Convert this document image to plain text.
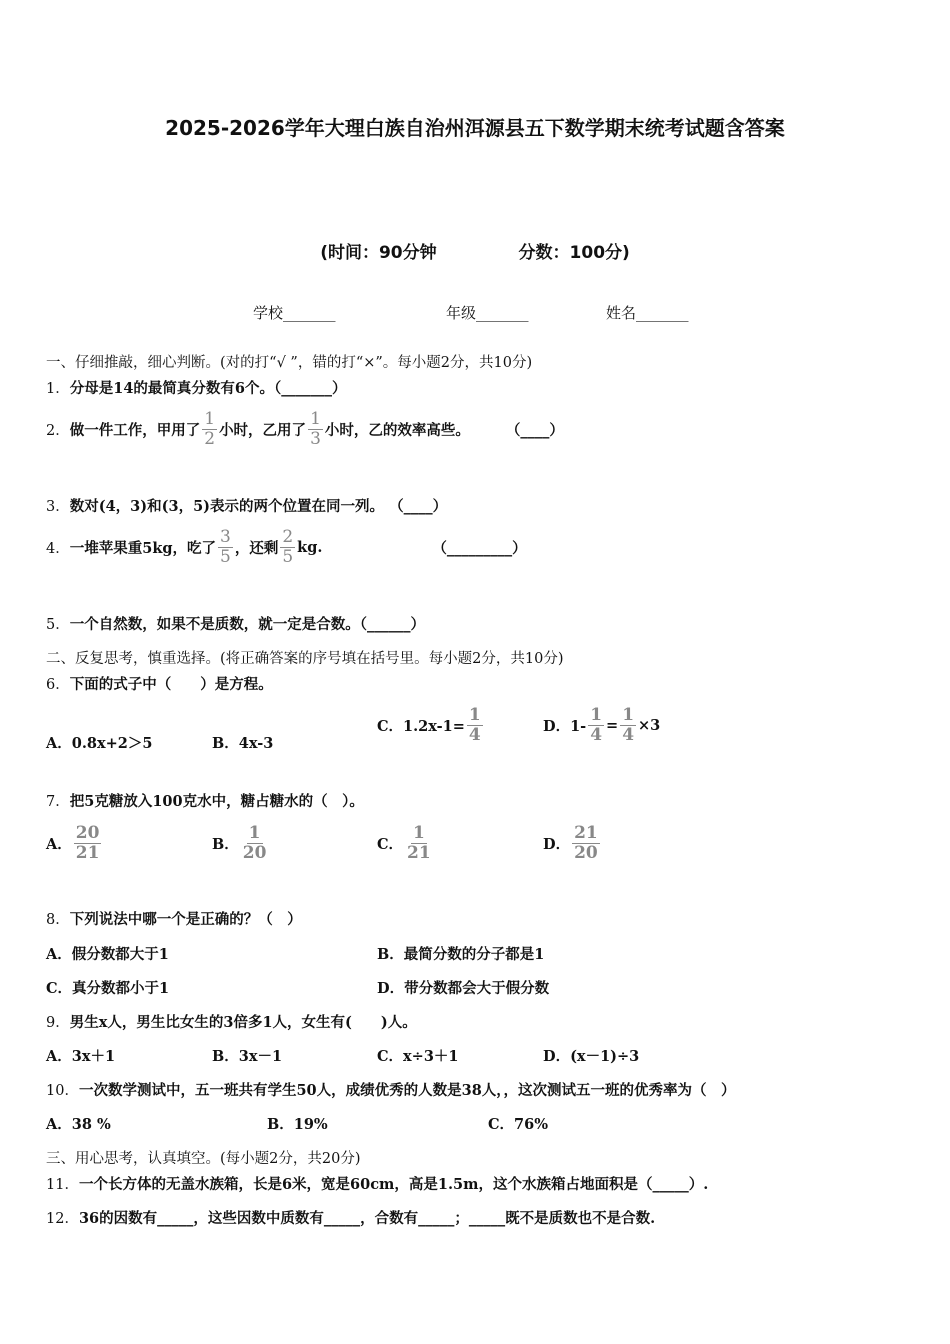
2025-2026学年大理白族自治州洱源县五下数学期末统考试题含答案
(时间：90分钟	分数：100分)
学校_______	年级_______	姓名_______
一、仔细推敲，细心判断。(对的打“√ ”，错的打“×”。每小题2分，共10分)
1．分母是14的最简真分数有6个。（_______）
2． 做一件工作，甲用了 $\frac{1}{2}$ 小时，乙用了 $\frac{1}{3}$ 小时，乙的效率高些。 （____）
3．数对(4，3)和(3，5)表示的两个位置在同一列。 （____）
4． 一堆苹果重5kg，吃了 $\frac{3}{5}$ ，还剩 $\frac{2}{5}$ kg.	（_________）
5．一个自然数，如果不是质数，就一定是合数。（______）
二、反复思考，慎重选择。(将正确答案的序号填在括号里。每小题2分，共10分)
6．下面的式子中（　　）是方程。
A．0.8x+2＞5	B．4x-3
C．$1.2x-1= \frac{1}{4}$	D．$1- \frac{1}{4} = \frac{1}{4} \times 3$
7．把5克糖放入100克水中，糖占糖水的（　）。
A． $\frac{20}{21}$	B． $\frac{1}{20}$	C． $\frac{1}{21}$	D． $\frac{21}{20}$
8．下列说法中哪一个是正确的？（　）
A．假分数都大于1	B．最简分数的分子都是1
C．真分数都小于1	D．带分数都会大于假分数
9．男生x人，男生比女生的3倍多1人，女生有(　　)人。
A．3x＋1	B．3x－1	C．x÷3＋1	D．(x－1)÷3
10．一次数学测试中，五一班共有学生50人，成绩优秀的人数是38人，，这次测试五一班的优秀率为（　）
A．38 %	B．19%	C．76%
三、用心思考，认真填空。(每小题2分，共20分)
11．一个长方体的无盖水族箱，长是6米，宽是60cm，高是1.5m，这个水族箱占地面积是（_____）.
12．36的因数有_____，这些因数中质数有_____，合数有_____；_____既不是质数也不是合数.
